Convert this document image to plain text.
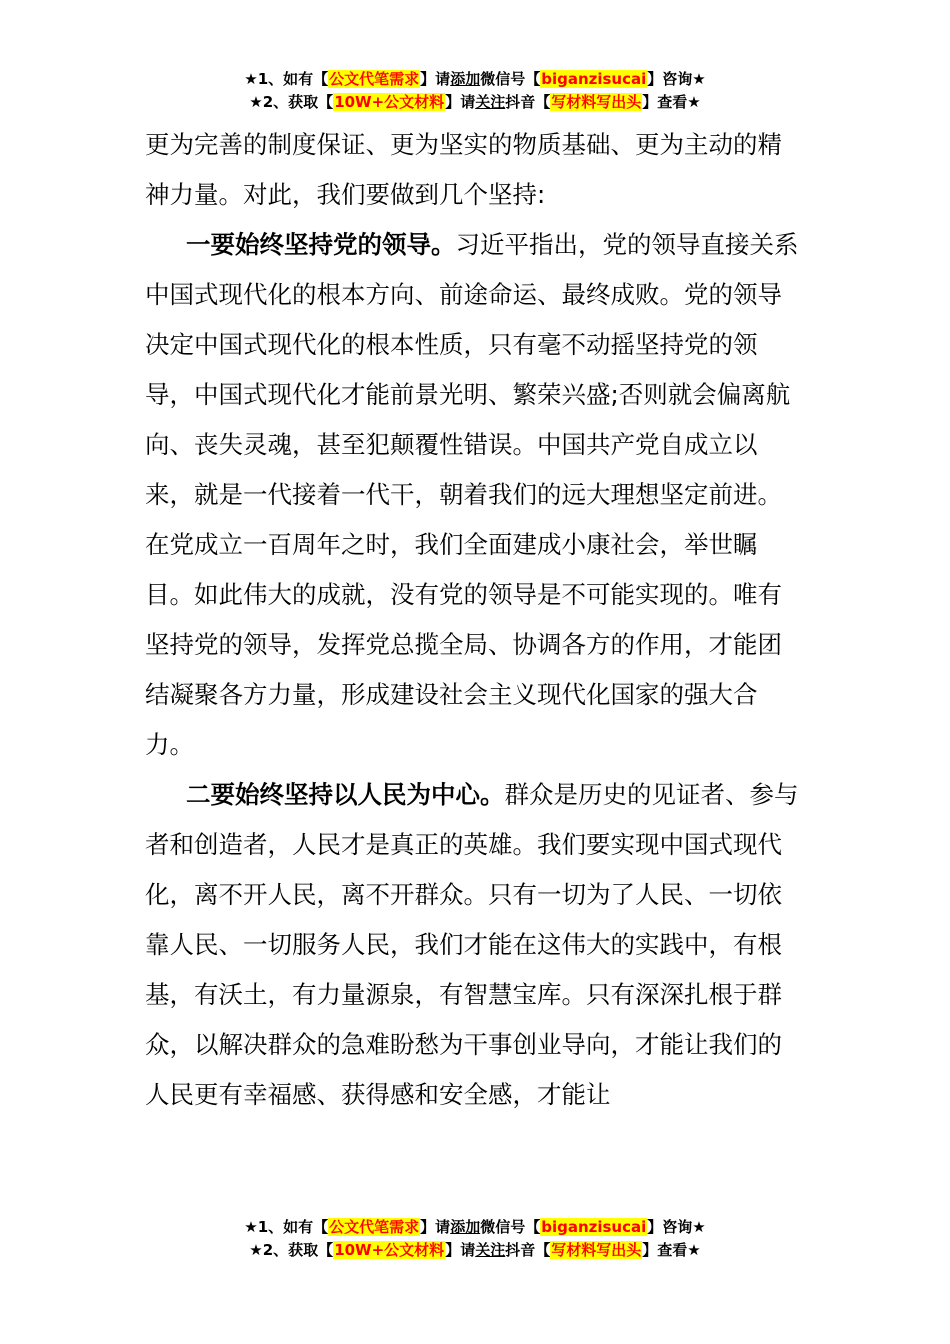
★1、如有【公文代笔需求】请添加微信号【biganzisucai】咨询★
★2、获取【10W+公文材料】请关注抖音【写材料写出头】查看★

更为完善的制度保证、更为坚实的物质基础、更为主动的精神力量。对此，我们要做到几个坚持:

一要始终坚持党的领导。习近平指出，党的领导直接关系中国式现代化的根本方向、前途命运、最终成败。党的领导决定中国式现代化的根本性质，只有毫不动摇坚持党的领导，中国式现代化才能前景光明、繁荣兴盛;否则就会偏离航向、丧失灵魂，甚至犯颠覆性错误。中国共产党自成立以来，就是一代接着一代干，朝着我们的远大理想坚定前进。在党成立一百周年之时，我们全面建成小康社会，举世瞩目。如此伟大的成就，没有党的领导是不可能实现的。唯有坚持党的领导，发挥党总揽全局、协调各方的作用，才能团结凝聚各方力量，形成建设社会主义现代化国家的强大合力。

二要始终坚持以人民为中心。群众是历史的见证者、参与者和创造者，人民才是真正的英雄。我们要实现中国式现代化，离不开人民，离不开群众。只有一切为了人民、一切依靠人民、一切服务人民，我们才能在这伟大的实践中，有根基，有沃土，有力量源泉，有智慧宝库。只有深深扎根于群众，以解决群众的急难盼愁为干事创业导向，才能让我们的人民更有幸福感、获得感和安全感，才能让

★1、如有【公文代笔需求】请添加微信号【biganzisucai】咨询★
★2、获取【10W+公文材料】请关注抖音【写材料写出头】查看★
